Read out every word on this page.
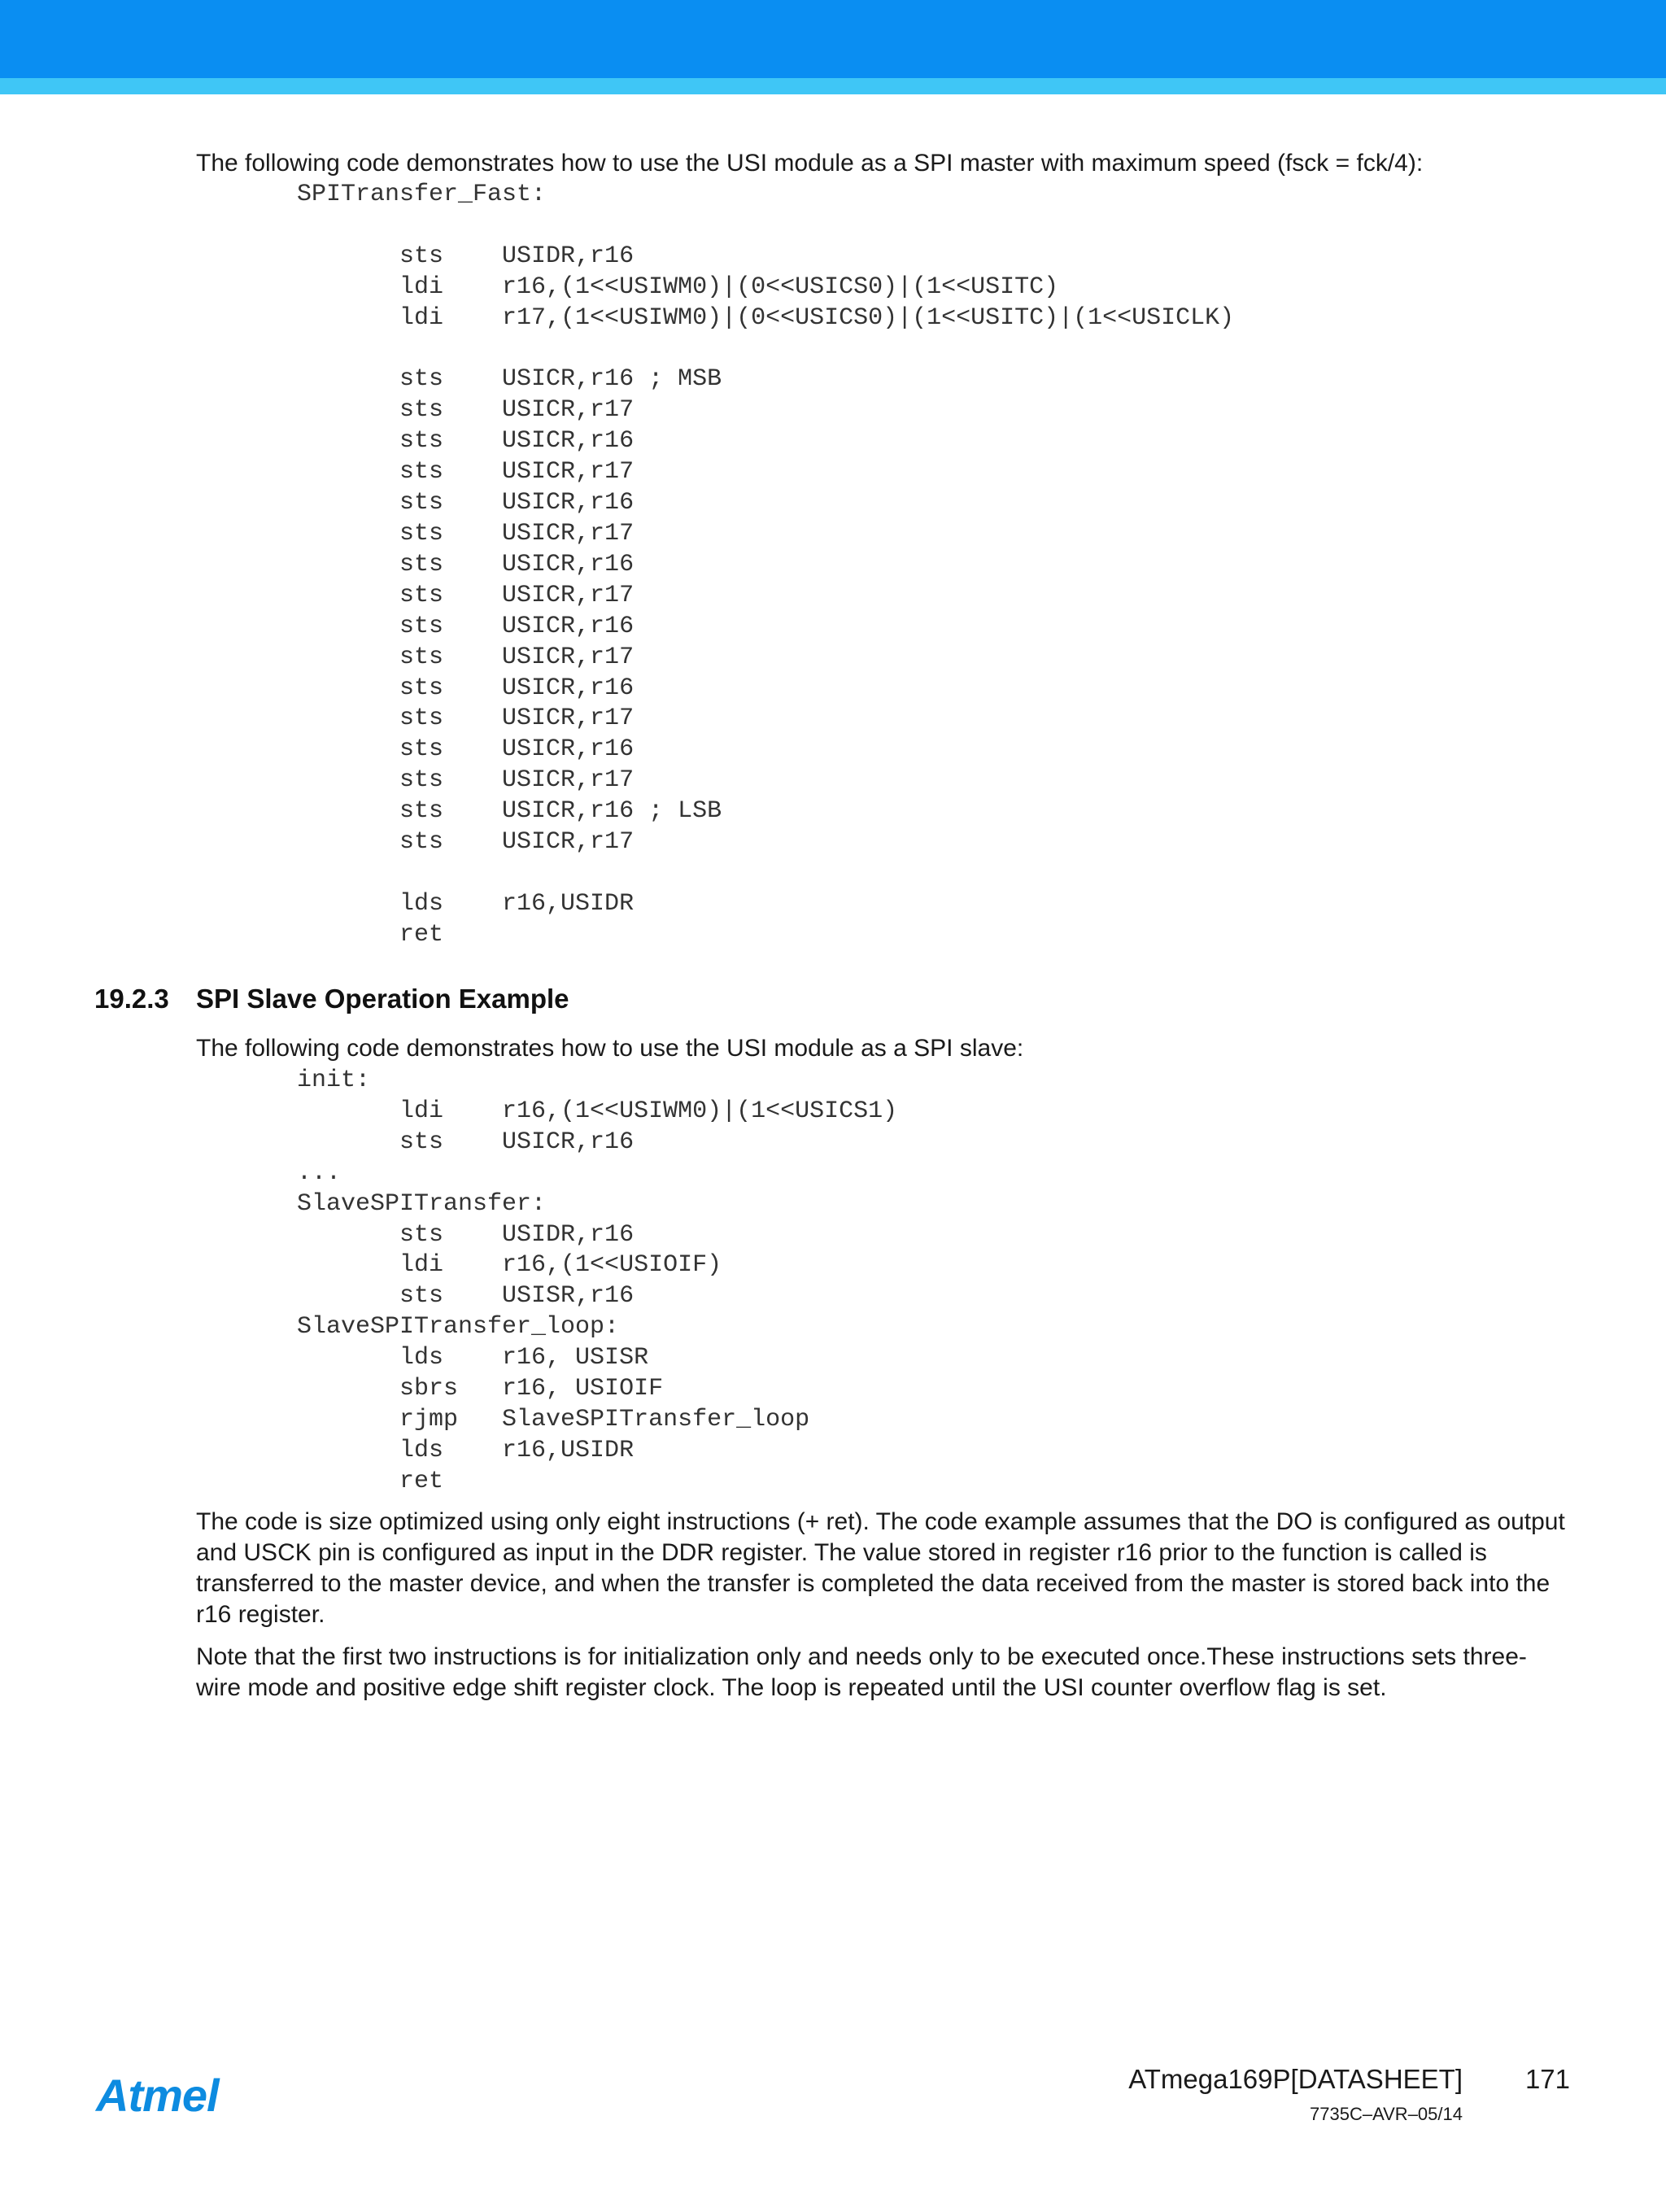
The following code demonstrates how to use the USI module as a SPI master with maximum speed (fsck = fck/4):

SPITransfer_Fast:

sts    USIDR,r16
ldi    r16,(1<<USIWM0)|(0<<USICS0)|(1<<USITC)
ldi    r17,(1<<USIWM0)|(0<<USICS0)|(1<<USITC)|(1<<USICLK)

sts    USICR,r16 ; MSB
sts    USICR,r17
sts    USICR,r16
sts    USICR,r17
sts    USICR,r16
sts    USICR,r17
sts    USICR,r16
sts    USICR,r17
sts    USICR,r16
sts    USICR,r17
sts    USICR,r16
sts    USICR,r17
sts    USICR,r16
sts    USICR,r17
sts    USICR,r16 ; LSB
sts    USICR,r17

lds    r16,USIDR
ret
19.2.3 SPI Slave Operation Example

The following code demonstrates how to use the USI module as a SPI slave:

init:
ldi    r16,(1<<USIWM0)|(1<<USICS1)
sts    USICR,r16
...
SlaveSPITransfer:
sts    USIDR,r16
ldi    r16,(1<<USIOIF)
sts    USISR,r16
SlaveSPITransfer_loop:
lds    r16, USISR
sbrs   r16, USIOIF
rjmp   SlaveSPITransfer_loop
lds    r16,USIDR
ret

The code is size optimized using only eight instructions (+ ret). The code example assumes that the DO is configured as output and USCK pin is configured as input in the DDR register. The value stored in register r16 prior to the function is called is transferred to the master device, and when the transfer is completed the data received from the master is stored back into the r16 register.

Note that the first two instructions is for initialization only and needs only to be executed once.These instructions sets three-wire mode and positive edge shift register clock. The loop is repeated until the USI counter overflow flag is set.

Atmel	ATmega169P[DATASHEET] 171
7735C–AVR–05/14
